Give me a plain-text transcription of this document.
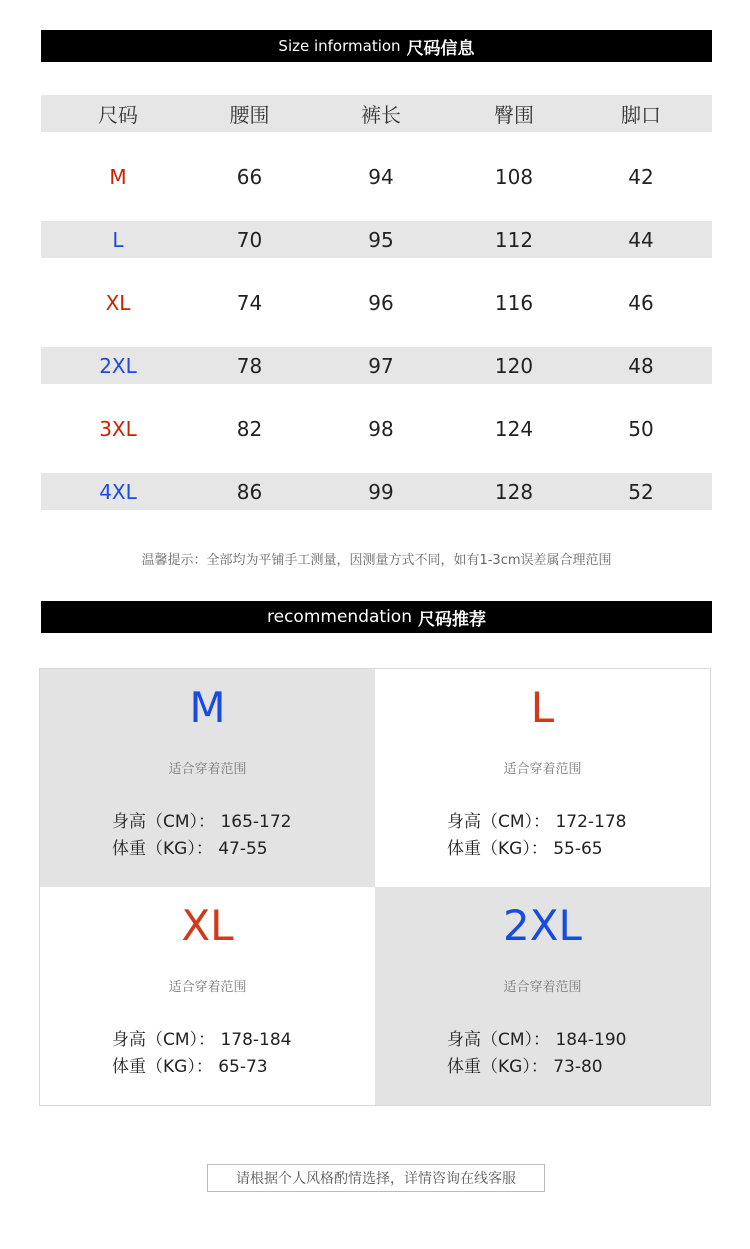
Size information 尺码信息
尺码	腰围	裤长	臀围	脚口
M	66	94	108	42
L	70	95	112	44
XL	74	96	116	46
2XL	78	97	120	48
3XL	82	98	124	50
4XL	86	99	128	52
温馨提示：全部均为平铺手工测量，因测量方式不同，如有1-3cm误差属合理范围
recommendation 尺码推荐
M
适合穿着范围
身高（CM）： 165-172
体重（KG）： 47-55
L
适合穿着范围
身高（CM）： 172-178
体重（KG）： 55-65
XL
适合穿着范围
身高（CM）： 178-184
体重（KG）： 65-73
2XL
适合穿着范围
身高（CM）： 184-190
体重（KG）： 73-80
请根据个人风格酌情选择，详情咨询在线客服
